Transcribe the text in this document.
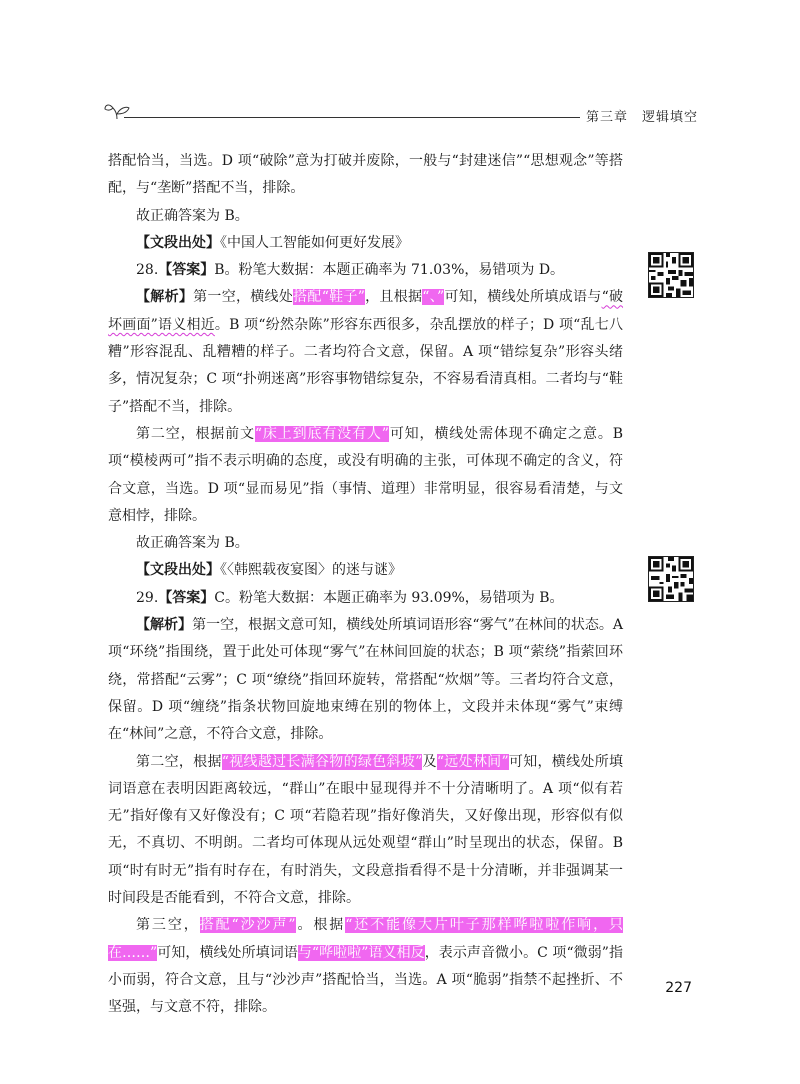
第三章　逻辑填空

搭配恰当，当选。D 项“破除”意为打破并废除，一般与“封建迷信”“思想观念”等搭配，与“垄断”搭配不当，排除。

故正确答案为 B。

【文段出处】《中国人工智能如何更好发展》

28.【答案】B。粉笔大数据：本题正确率为 71.03%，易错项为 D。

【解析】第一空，横线处搭配“鞋子”，且根据“、”可知，横线处所填成语与“破坏画面”语义相近。B 项“纷然杂陈”形容东西很多，杂乱摆放的样子；D 项“乱七八糟”形容混乱、乱糟糟的样子。二者均符合文意，保留。A 项“错综复杂”形容头绪多，情况复杂；C 项“扑朔迷离”形容事物错综复杂，不容易看清真相。二者均与“鞋子”搭配不当，排除。

第二空，根据前文“床上到底有没有人”可知，横线处需体现不确定之意。B 项“模棱两可”指不表示明确的态度，或没有明确的主张，可体现不确定的含义，符合文意，当选。D 项“显而易见”指（事情、道理）非常明显，很容易看清楚，与文意相悖，排除。

故正确答案为 B。

【文段出处】《〈韩熙载夜宴图〉的迷与谜》

29.【答案】C。粉笔大数据：本题正确率为 93.09%，易错项为 B。

【解析】第一空，根据文意可知，横线处所填词语形容“雾气”在林间的状态。A 项“环绕”指围绕，置于此处可体现“雾气”在林间回旋的状态；B 项“萦绕”指萦回环绕，常搭配“云雾”；C 项“缭绕”指回环旋转，常搭配“炊烟”等。三者均符合文意，保留。D 项“缠绕”指条状物回旋地束缚在别的物体上，文段并未体现“雾气”束缚在“林间”之意，不符合文意，排除。

第二空，根据“视线越过长满谷物的绿色斜坡”及“远处林间”可知，横线处所填词语意在表明因距离较远，“群山”在眼中显现得并不十分清晰明了。A 项“似有若无”指好像有又好像没有；C 项“若隐若现”指好像消失，又好像出现，形容似有似无，不真切、不明朗。二者均可体现从远处观望“群山”时呈现出的状态，保留。B 项“时有时无”指有时存在，有时消失，文段意指看得不是十分清晰，并非强调某一时间段是否能看到，不符合文意，排除。

第三空，搭配“沙沙声”。根据“还不能像大片叶子那样哗啦啦作响，只在……”可知，横线处所填词语与“哗啦啦”语义相反，表示声音微小。C 项“微弱”指小而弱，符合文意，且与“沙沙声”搭配恰当，当选。A 项“脆弱”指禁不起挫折、不坚强，与文意不符，排除。

227
